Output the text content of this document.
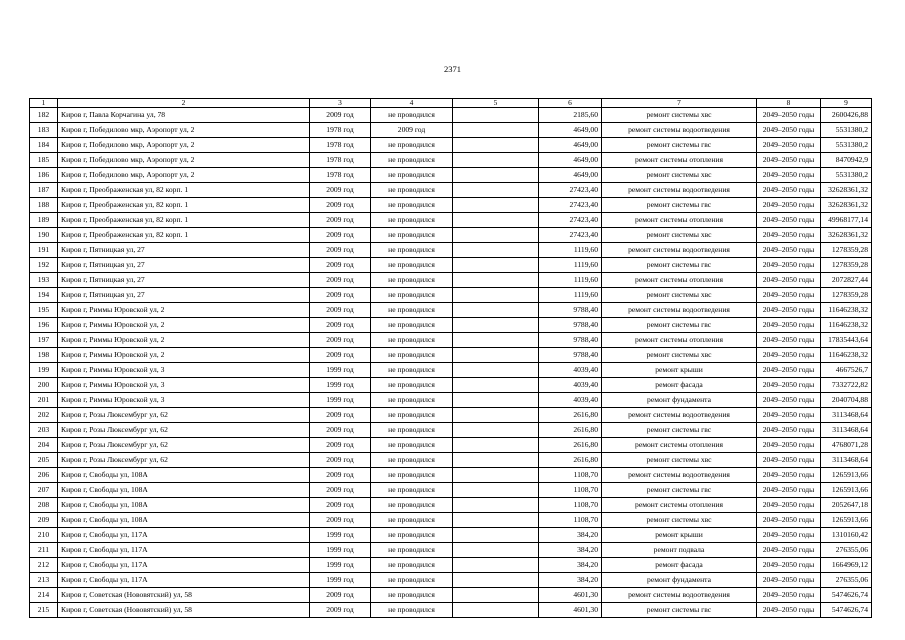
2371
1	2	3	4	5	6	7	8	9
182	Киров г, Павла Корчагина ул, 78	2009 год	не проводился		2185,60	ремонт системы хвс	2049–2050 годы	2600426,88
183	Киров г, Победилово мкр, Аэропорт ул, 2	1978 год	2009 год		4649,00	ремонт системы водоотведения	2049–2050 годы	5531380,2
184	Киров г, Победилово мкр, Аэропорт ул, 2	1978 год	не проводился		4649,00	ремонт системы гвс	2049–2050 годы	5531380,2
185	Киров г, Победилово мкр, Аэропорт ул, 2	1978 год	не проводился		4649,00	ремонт системы отопления	2049–2050 годы	8470942,9
186	Киров г, Победилово мкр, Аэропорт ул, 2	1978 год	не проводился		4649,00	ремонт системы хвс	2049–2050 годы	5531380,2
187	Киров г, Преображенская ул, 82 корп. 1	2009 год	не проводился		27423,40	ремонт системы водоотведения	2049–2050 годы	32628361,32
188	Киров г, Преображенская ул, 82 корп. 1	2009 год	не проводился		27423,40	ремонт системы гвс	2049–2050 годы	32628361,32
189	Киров г, Преображенская ул, 82 корп. 1	2009 год	не проводился		27423,40	ремонт системы отопления	2049–2050 годы	49968177,14
190	Киров г, Преображенская ул, 82 корп. 1	2009 год	не проводился		27423,40	ремонт системы хвс	2049–2050 годы	32628361,32
191	Киров г, Пятницкая ул, 27	2009 год	не проводился		1119,60	ремонт системы водоотведения	2049–2050 годы	1278359,28
192	Киров г, Пятницкая ул, 27	2009 год	не проводился		1119,60	ремонт системы гвс	2049–2050 годы	1278359,28
193	Киров г, Пятницкая ул, 27	2009 год	не проводился		1119,60	ремонт системы отопления	2049–2050 годы	2072827,44
194	Киров г, Пятницкая ул, 27	2009 год	не проводился		1119,60	ремонт системы хвс	2049–2050 годы	1278359,28
195	Киров г, Риммы Юровской ул, 2	2009 год	не проводился		9788,40	ремонт системы водоотведения	2049–2050 годы	11646238,32
196	Киров г, Риммы Юровской ул, 2	2009 год	не проводился		9788,40	ремонт системы гвс	2049–2050 годы	11646238,32
197	Киров г, Риммы Юровской ул, 2	2009 год	не проводился		9788,40	ремонт системы отопления	2049–2050 годы	17835443,64
198	Киров г, Риммы Юровской ул, 2	2009 год	не проводился		9788,40	ремонт системы хвс	2049–2050 годы	11646238,32
199	Киров г, Риммы Юровской ул, 3	1999 год	не проводился		4039,40	ремонт крыши	2049–2050 годы	4667526,7
200	Киров г, Риммы Юровской ул, 3	1999 год	не проводился		4039,40	ремонт фасада	2049–2050 годы	7332722,82
201	Киров г, Риммы Юровской ул, 3	1999 год	не проводился		4039,40	ремонт фундамента	2049–2050 годы	2040704,88
202	Киров г, Розы Люксембург ул, 62	2009 год	не проводился		2616,80	ремонт системы водоотведения	2049–2050 годы	3113468,64
203	Киров г, Розы Люксембург ул, 62	2009 год	не проводился		2616,80	ремонт системы гвс	2049–2050 годы	3113468,64
204	Киров г, Розы Люксембург ул, 62	2009 год	не проводился		2616,80	ремонт системы отопления	2049–2050 годы	4768071,28
205	Киров г, Розы Люксембург ул, 62	2009 год	не проводился		2616,80	ремонт системы хвс	2049–2050 годы	3113468,64
206	Киров г, Свободы ул, 108А	2009 год	не проводился		1108,70	ремонт системы водоотведения	2049–2050 годы	1265913,66
207	Киров г, Свободы ул, 108А	2009 год	не проводился		1108,70	ремонт системы гвс	2049–2050 годы	1265913,66
208	Киров г, Свободы ул, 108А	2009 год	не проводился		1108,70	ремонт системы отопления	2049–2050 годы	2052647,18
209	Киров г, Свободы ул, 108А	2009 год	не проводился		1108,70	ремонт системы хвс	2049–2050 годы	1265913,66
210	Киров г, Свободы ул, 117А	1999 год	не проводился		384,20	ремонт крыши	2049–2050 годы	1310160,42
211	Киров г, Свободы ул, 117А	1999 год	не проводился		384,20	ремонт подвала	2049–2050 годы	276355,06
212	Киров г, Свободы ул, 117А	1999 год	не проводился		384,20	ремонт фасада	2049–2050 годы	1664969,12
213	Киров г, Свободы ул, 117А	1999 год	не проводился		384,20	ремонт фундамента	2049–2050 годы	276355,06
214	Киров г, Советская (Нововятский) ул, 58	2009 год	не проводился		4601,30	ремонт системы водоотведения	2049–2050 годы	5474626,74
215	Киров г, Советская (Нововятский) ул, 58	2009 год	не проводился		4601,30	ремонт системы гвс	2049–2050 годы	5474626,74
